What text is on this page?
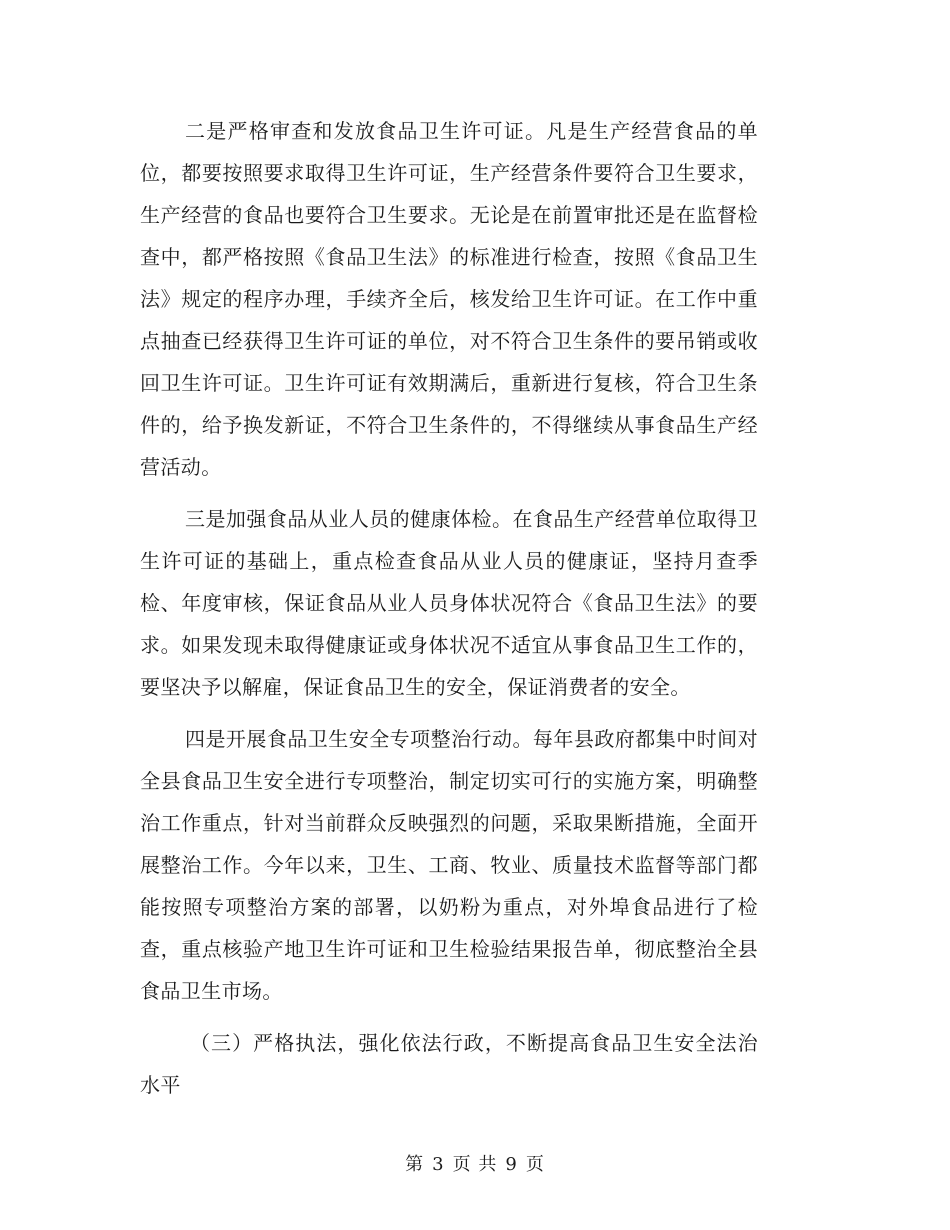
二是严格审查和发放食品卫生许可证。凡是生产经营食品的单位，都要按照要求取得卫生许可证，生产经营条件要符合卫生要求，生产经营的食品也要符合卫生要求。无论是在前置审批还是在监督检查中，都严格按照《食品卫生法》的标准进行检查，按照《食品卫生法》规定的程序办理，手续齐全后，核发给卫生许可证。在工作中重点抽查已经获得卫生许可证的单位，对不符合卫生条件的要吊销或收回卫生许可证。卫生许可证有效期满后，重新进行复核，符合卫生条件的，给予换发新证，不符合卫生条件的，不得继续从事食品生产经营活动。

三是加强食品从业人员的健康体检。在食品生产经营单位取得卫生许可证的基础上，重点检查食品从业人员的健康证，坚持月查季检、年度审核，保证食品从业人员身体状况符合《食品卫生法》的要求。如果发现未取得健康证或身体状况不适宜从事食品卫生工作的，要坚决予以解雇，保证食品卫生的安全，保证消费者的安全。

四是开展食品卫生安全专项整治行动。每年县政府都集中时间对全县食品卫生安全进行专项整治，制定切实可行的实施方案，明确整治工作重点，针对当前群众反映强烈的问题，采取果断措施，全面开展整治工作。今年以来，卫生、工商、牧业、质量技术监督等部门都能按照专项整治方案的部署，以奶粉为重点，对外埠食品进行了检查，重点核验产地卫生许可证和卫生检验结果报告单，彻底整治全县食品卫生市场。

（三）严格执法，强化依法行政，不断提高食品卫生安全法治水平

第 3 页 共 9 页
